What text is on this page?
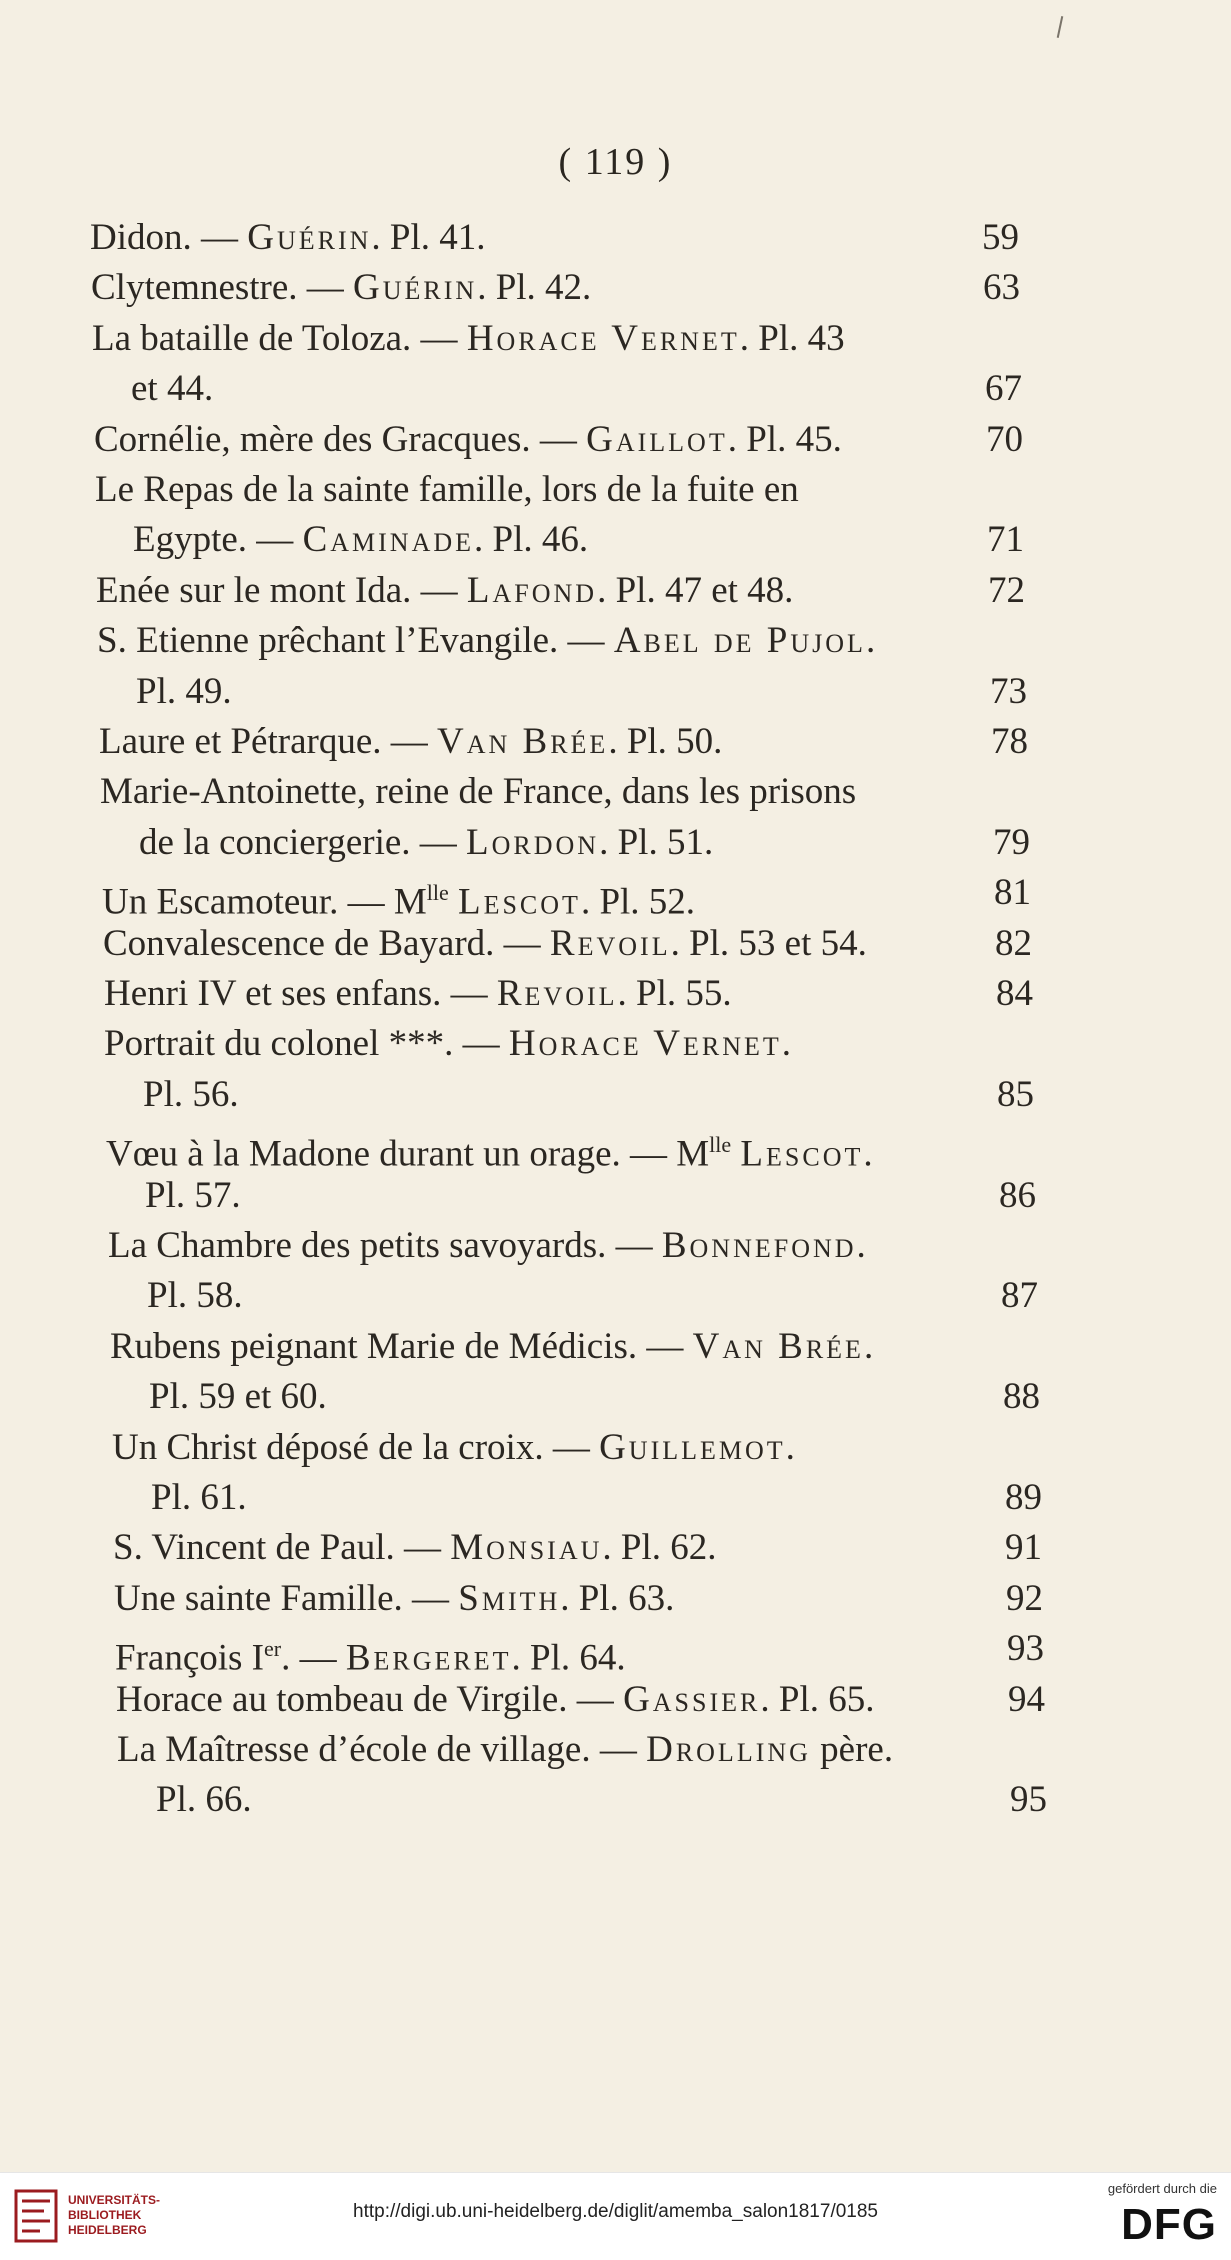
( 119 )
Didon. — Guérin. Pl. 41.	59
Clytemnestre. — Guérin. Pl. 42.	63
La bataille de Toloza. — Horace Vernet. Pl. 43
et 44.	67
Cornélie, mère des Gracques. — Gaillot. Pl. 45.	70
Le Repas de la sainte famille, lors de la fuite en
Egypte. — Caminade. Pl. 46.	71
Enée sur le mont Ida. — Lafond. Pl. 47 et 48.	72
S. Etienne prêchant l’Evangile. — Abel de Pujol.
Pl. 49.	73
Laure et Pétrarque. — Van Brée. Pl. 50.	78
Marie-Antoinette, reine de France, dans les prisons
de la conciergerie. — Lordon. Pl. 51.	79
Un Escamoteur. — $M^{lle}$ Lescot. Pl. 52.	81
Convalescence de Bayard. — Revoil. Pl. 53 et 54.	82
Henri IV et ses enfans. — Revoil. Pl. 55.	84
Portrait du colonel ***. — Horace Vernet.
Pl. 56.	85
Vœu à la Madone durant un orage. — $M^{lle}$ Lescot.
Pl. 57.	86
La Chambre des petits savoyards. — Bonnefond.
Pl. 58.	87
Rubens peignant Marie de Médicis. — Van Brée.
Pl. 59 et 60.	88
Un Christ déposé de la croix. — Guillemot.
Pl. 61.	89
S. Vincent de Paul. — Monsiau. Pl. 62.	91
Une sainte Famille. — Smith. Pl. 63.	92
François Ier. — Bergeret. Pl. 64.	93
Horace au tombeau de Virgile. — Gassier. Pl. 65.	94
La Maîtresse d’école de village. — Drolling père.
Pl. 66.	95
UNIVERSITÄTS-
BIBLIOTHEK
HEIDELBERG
http://digi.ub.uni-heidelberg.de/diglit/amemba_salon1817/0185
gefördert durch die
DFG
